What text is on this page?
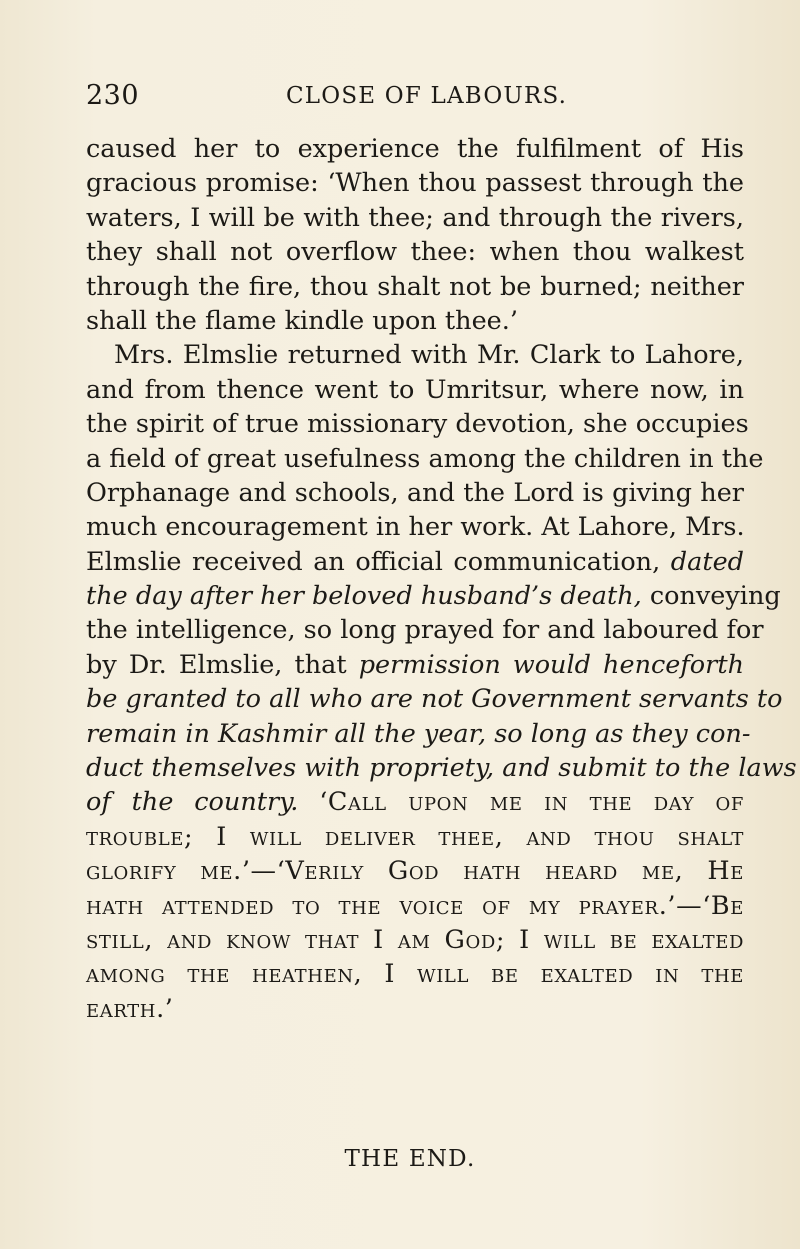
230	CLOSE OF LABOURS.
caused her to experience the fulfilment of His
gracious promise: ‘When thou passest through the
waters, I will be with thee; and through the rivers,
they shall not overflow thee: when thou walkest
through the fire, thou shalt not be burned; neither
shall the flame kindle upon thee.’
Mrs. Elmslie returned with Mr. Clark to Lahore,
and from thence went to Umritsur, where now, in
the spirit of true missionary devotion, she occupies
a field of great usefulness among the children in the
Orphanage and schools, and the Lord is giving her
much encouragement in her work. At Lahore, Mrs.
Elmslie received an official communication, dated
the day after her beloved husband’s death, conveying
the intelligence, so long prayed for and laboured for
by Dr. Elmslie, that permission would henceforth
be granted to all who are not Government servants to
remain in Kashmir all the year, so long as they con-
duct themselves with propriety, and submit to the laws
of the country. ‘Call upon me in the day of
trouble; I will deliver thee, and thou shalt
glorify me.’—‘Verily God hath heard me, He
hath attended to the voice of my prayer.’—‘Be
still, and know that I am God; I will be exalted
among the heathen, I will be exalted in the
earth.’
THE END.
